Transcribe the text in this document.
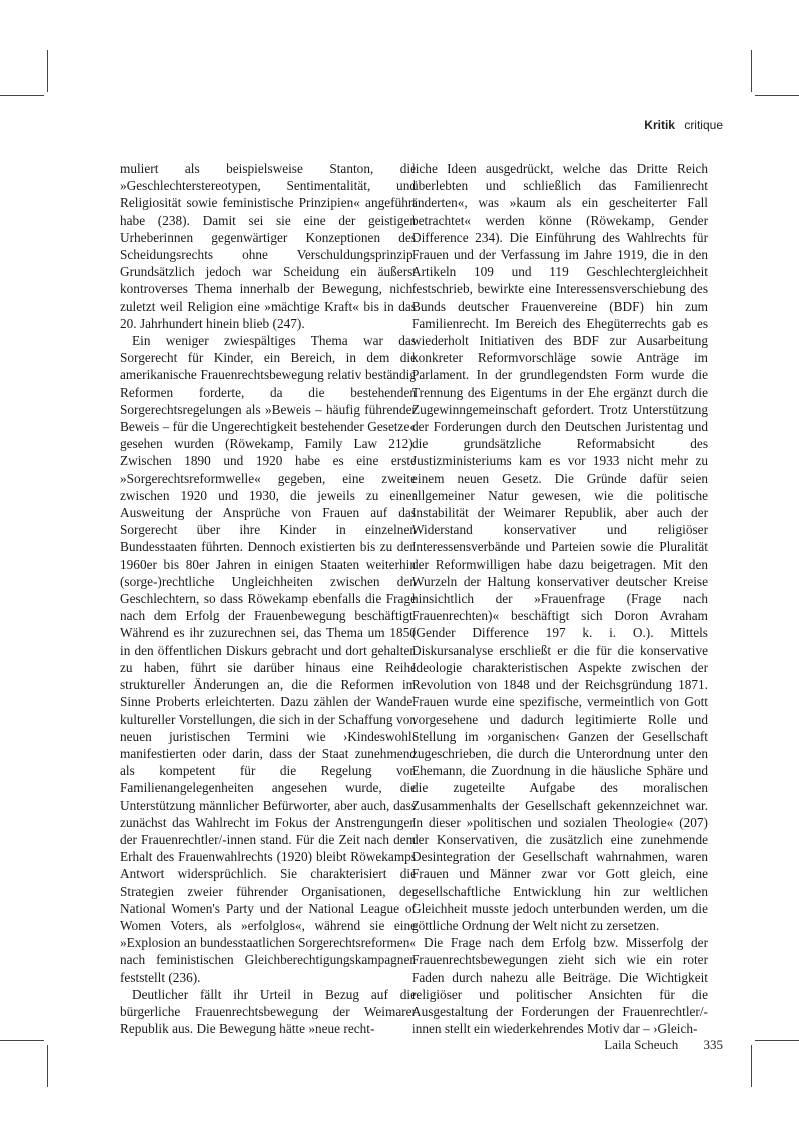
Kritik critique

muliert als beispielsweise Stanton, die »Geschlechterstereotypen, Sentimentalität, und Religiosität sowie feministische Prinzipien« angeführt habe (238). Damit sei sie eine der geistigen Urheberinnen gegenwärtiger Konzeptionen des Scheidungsrechts ohne Verschuldungsprinzip. Grundsätzlich jedoch war Scheidung ein äußerst kontroverses Thema innerhalb der Bewegung, nicht zuletzt weil Religion eine »mächtige Kraft« bis in das 20. Jahrhundert hinein blieb (247).

Ein weniger zwiespältiges Thema war das Sorgerecht für Kinder, ein Bereich, in dem die amerikanische Frauenrechtsbewegung relativ beständig Reformen forderte, da die bestehenden Sorgerechtsregelungen als »Beweis – häufig führender Beweis – für die Ungerechtigkeit bestehender Gesetze« gesehen wurden (Röwekamp, Family Law 212). Zwischen 1890 und 1920 habe es eine erste »Sorgerechtsreformwelle« gegeben, eine zweite zwischen 1920 und 1930, die jeweils zu einer Ausweitung der Ansprüche von Frauen auf das Sorgerecht über ihre Kinder in einzelnen Bundesstaaten führten. Dennoch existierten bis zu den 1960er bis 80er Jahren in einigen Staaten weiterhin (sorge-)rechtliche Ungleichheiten zwischen den Geschlechtern, so dass Röwekamp ebenfalls die Frage nach dem Erfolg der Frauenbewegung beschäftigt. Während es ihr zuzurechnen sei, das Thema um 1850 in den öffentlichen Diskurs gebracht und dort gehalten zu haben, führt sie darüber hinaus eine Reihe struktureller Änderungen an, die die Reformen im Sinne Proberts erleichterten. Dazu zählen der Wandel kultureller Vorstellungen, die sich in der Schaffung von neuen juristischen Termini wie ›Kindeswohl‹ manifestierten oder darin, dass der Staat zunehmend als kompetent für die Regelung von Familienangelegenheiten angesehen wurde, die Unterstützung männlicher Befürworter, aber auch, dass zunächst das Wahlrecht im Fokus der Anstrengungen der Frauenrechtler/-innen stand. Für die Zeit nach dem Erhalt des Frauenwahlrechts (1920) bleibt Röwekamps Antwort widersprüchlich. Sie charakterisiert die Strategien zweier führender Organisationen, der National Women's Party und der National League of Women Voters, als »erfolglos«, während sie eine »Explosion an bundesstaatlichen Sorgerechtsreformen« nach feministischen Gleichberechtigungskampagnen feststellt (236).

Deutlicher fällt ihr Urteil in Bezug auf die bürgerliche Frauenrechtsbewegung der Weimarer Republik aus. Die Bewegung hätte »neue recht-

liche Ideen ausgedrückt, welche das Dritte Reich überlebten und schließlich das Familienrecht änderten«, was »kaum als ein gescheiterter Fall betrachtet« werden könne (Röwekamp, Gender Difference 234). Die Einführung des Wahlrechts für Frauen und der Verfassung im Jahre 1919, die in den Artikeln 109 und 119 Geschlechtergleichheit festschrieb, bewirkte eine Interessensverschiebung des Bunds deutscher Frauenvereine (BDF) hin zum Familienrecht. Im Bereich des Ehegüterrechts gab es wiederholt Initiativen des BDF zur Ausarbeitung konkreter Reformvorschläge sowie Anträge im Parlament. In der grundlegendsten Form wurde die Trennung des Eigentums in der Ehe ergänzt durch die Zugewinngemeinschaft gefordert. Trotz Unterstützung der Forderungen durch den Deutschen Juristentag und die grundsätzliche Reformabsicht des Justizministeriums kam es vor 1933 nicht mehr zu einem neuen Gesetz. Die Gründe dafür seien allgemeiner Natur gewesen, wie die politische Instabilität der Weimarer Republik, aber auch der Widerstand konservativer und religiöser Interessensverbände und Parteien sowie die Pluralität der Reformwilligen habe dazu beigetragen. Mit den Wurzeln der Haltung konservativer deutscher Kreise hinsichtlich der »Frauenfrage (Frage nach Frauenrechten)« beschäftigt sich Doron Avraham (Gender Difference 197 k. i. O.). Mittels Diskursanalyse erschließt er die für die konservative Ideologie charakteristischen Aspekte zwischen der Revolution von 1848 und der Reichsgründung 1871. Frauen wurde eine spezifische, vermeintlich von Gott vorgesehene und dadurch legitimierte Rolle und Stellung im ›organischen‹ Ganzen der Gesellschaft zugeschrieben, die durch die Unterordnung unter den Ehemann, die Zuordnung in die häusliche Sphäre und die zugeteilte Aufgabe des moralischen Zusammenhalts der Gesellschaft gekennzeichnet war. In dieser »politischen und sozialen Theologie« (207) der Konservativen, die zusätzlich eine zunehmende Desintegration der Gesellschaft wahrnahmen, waren Frauen und Männer zwar vor Gott gleich, eine gesellschaftliche Entwicklung hin zur weltlichen Gleichheit musste jedoch unterbunden werden, um die göttliche Ordnung der Welt nicht zu zersetzen.

Die Frage nach dem Erfolg bzw. Misserfolg der Frauenrechtsbewegungen zieht sich wie ein roter Faden durch nahezu alle Beiträge. Die Wichtigkeit religiöser und politischer Ansichten für die Ausgestaltung der Forderungen der Frauenrechtler/-innen stellt ein wiederkehrendes Motiv dar – ›Gleich-

Laila Scheuch 335
